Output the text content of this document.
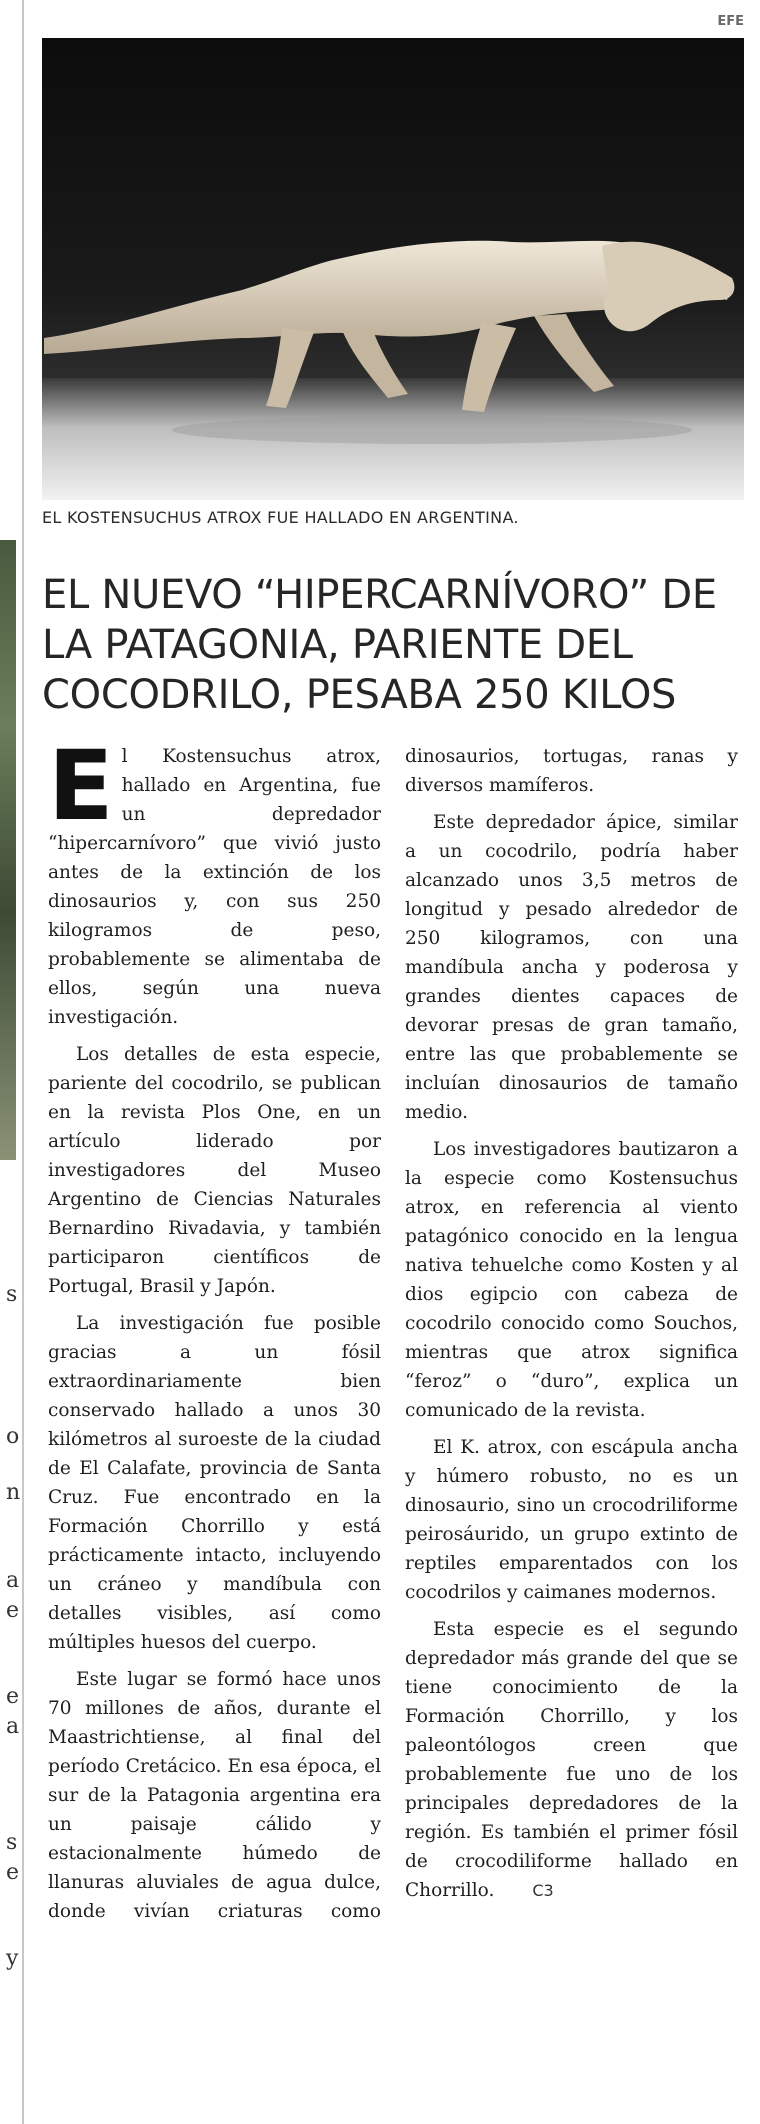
s
o
n
a
e
e
a
s
e
y
EFE
EL KOSTENSUCHUS ATROX FUE HALLADO EN ARGENTINA.
EL NUEVO “HIPERCARNÍVORO” DE LA PATAGONIA, PARIENTE DEL COCODRILO, PESABA 250 KILOS

El Kostensuchus atrox, hallado en Argentina, fue un depredador “hipercarnívoro” que vivió justo antes de la extinción de los dinosaurios y, con sus 250 kilogramos de peso, probablemente se alimentaba de ellos, según una nueva investigación.

Los detalles de esta especie, pariente del cocodrilo, se publican en la revista Plos One, en un artículo liderado por investigadores del Museo Argentino de Ciencias Naturales Bernardino Rivadavia, y también participaron científicos de Portugal, Brasil y Japón.

La investigación fue posible gracias a un fósil extraordinariamente bien conservado hallado a unos 30 kilómetros al suroeste de la ciudad de El Calafate, provincia de Santa Cruz. Fue encontrado en la Formación Chorrillo y está prácticamente intacto, incluyendo un cráneo y mandíbula con detalles visibles, así como múltiples huesos del cuerpo.

Este lugar se formó hace unos 70 millones de años, durante el Maastrichtiense, al final del período Cretácico. En esa época, el sur de la Patagonia argentina era un paisaje cálido y estacionalmente húmedo de llanuras aluviales de agua dulce, donde vivían criaturas como dinosaurios, tortugas, ranas y diversos mamíferos.

Este depredador ápice, similar a un cocodrilo, podría haber alcanzado unos 3,5 metros de longitud y pesado alrededor de 250 kilogramos, con una mandíbula ancha y poderosa y grandes dientes capaces de devorar presas de gran tamaño, entre las que probablemente se incluían dinosaurios de tamaño medio.

Los investigadores bautizaron a la especie como Kostensuchus atrox, en referencia al viento patagónico conocido en la lengua nativa tehuelche como Kosten y al dios egipcio con cabeza de cocodrilo conocido como Souchos, mientras que atrox significa “feroz” o “duro”, explica un comunicado de la revista.

El K. atrox, con escápula ancha y húmero robusto, no es un dinosaurio, sino un crocodriliforme peirosáurido, un grupo extinto de reptiles emparentados con los cocodrilos y caimanes modernos.

Esta especie es el segundo depredador más grande del que se tiene conocimiento de la Formación Chorrillo, y los paleontólogos creen que probablemente fue uno de los principales depredadores de la región. Es también el primer fósil de crocodiliforme hallado en Chorrillo. C3
